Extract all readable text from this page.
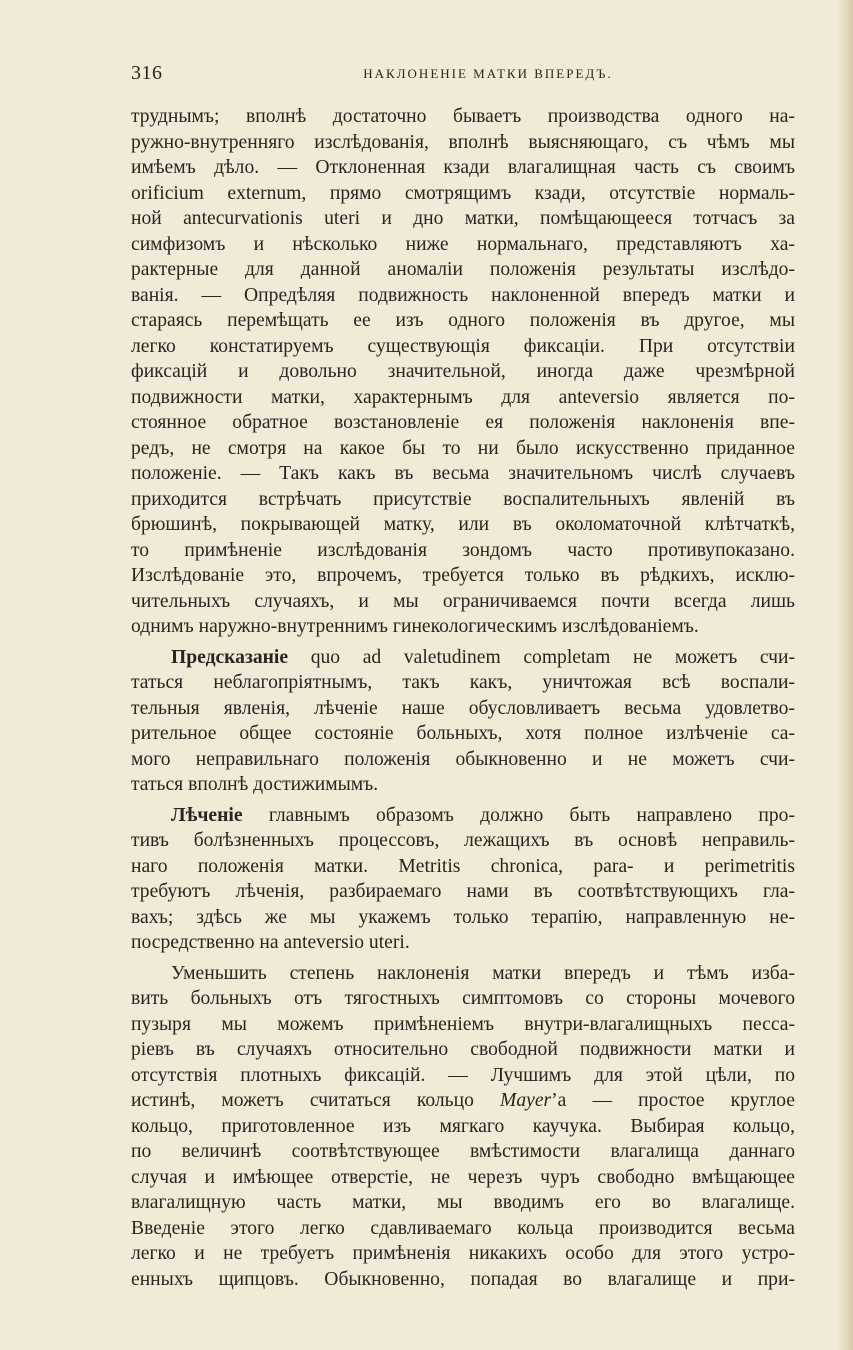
316	НАКЛОНЕНІЕ МАТКИ ВПЕРЕДЪ.
труднымъ; вполнѣ достаточно бываетъ производства одного на-
ружно-внутренняго изслѣдованія, вполнѣ выясняющаго, съ чѣмъ мы
имѣемъ дѣло. — Отклоненная кзади влагалищная часть съ своимъ
orificium externum, прямо смотрящимъ кзади, отсутствіе нормаль-
ной anteсurvationis uteri и дно матки, помѣщающееся тотчасъ за
симфизомъ и нѣсколько ниже нормальнаго, представляютъ ха-
рактерные для данной аномаліи положенія результаты изслѣдо-
ванія. — Опредѣляя подвижность наклоненной впередъ матки и
стараясь перемѣщать ее изъ одного положенія въ другое, мы
легко констатируемъ существующія фиксаціи. При отсутствіи
фиксацій и довольно значительной, иногда даже чрезмѣрной
подвижности матки, характернымъ для anteversio является по-
стоянное обратное возстановленіе ея положенія наклоненія впе-
редъ, не смотря на какое бы то ни было искусственно приданное
положеніе. — Такъ какъ въ весьма значительномъ числѣ случаевъ
приходится встрѣчать присутствіе воспалительныхъ явленій въ
брюшинѣ, покрывающей матку, или въ околоматочной клѣтчаткѣ,
то примѣненіе изслѣдованія зондомъ часто противупоказано.
Изслѣдованіе это, впрочемъ, требуется только въ рѣдкихъ, исклю-
чительныхъ случаяхъ, и мы ограничиваемся почти всегда лишь
однимъ наружно-внутреннимъ гинекологическимъ изслѣдованіемъ.
Предсказаніе quo ad valetudinem completam не можетъ счи-
таться неблагопріятнымъ, такъ какъ, уничтожая всѣ воспали-
тельныя явленія, лѣченіе наше обусловливаетъ весьма удовлетво-
рительное общее состояніе больныхъ, хотя полное излѣченіе са-
мого неправильнаго положенія обыкновенно и не можетъ счи-
таться вполнѣ достижимымъ.
Лѣченіе главнымъ образомъ должно быть направлено про-
тивъ болѣзненныхъ процессовъ, лежащихъ въ основѣ неправиль-
наго положенія матки. Metritis chronica, para- и perimetritis
требуютъ лѣченія, разбираемаго нами въ соотвѣтствующихъ гла-
вахъ; здѣсь же мы укажемъ только терапію, направленную не-
посредственно на anteversio uteri.
Уменьшить степень наклоненія матки впередъ и тѣмъ изба-
вить больныхъ отъ тягостныхъ симптомовъ со стороны мочевого
пузыря мы можемъ примѣненіемъ внутри-влагалищныхъ песса-
ріевъ въ случаяхъ относительно свободной подвижности матки и
отсутствія плотныхъ фиксацій. — Лучшимъ для этой цѣли, по
истинѣ, можетъ считаться кольцо Mayer’а — простое круглое
кольцо, приготовленное изъ мягкаго каучука. Выбирая кольцо,
по величинѣ соотвѣтствующее вмѣстимости влагалища даннаго
случая и имѣющее отверстіе, не черезъ чуръ свободно вмѣщающее
влагалищную часть матки, мы вводимъ его во влагалище.
Введеніе этого легко сдавливаемаго кольца производится весьма
легко и не требуетъ примѣненія никакихъ особо для этого устро-
енныхъ щипцовъ. Обыкновенно, попадая во влагалище и при-
